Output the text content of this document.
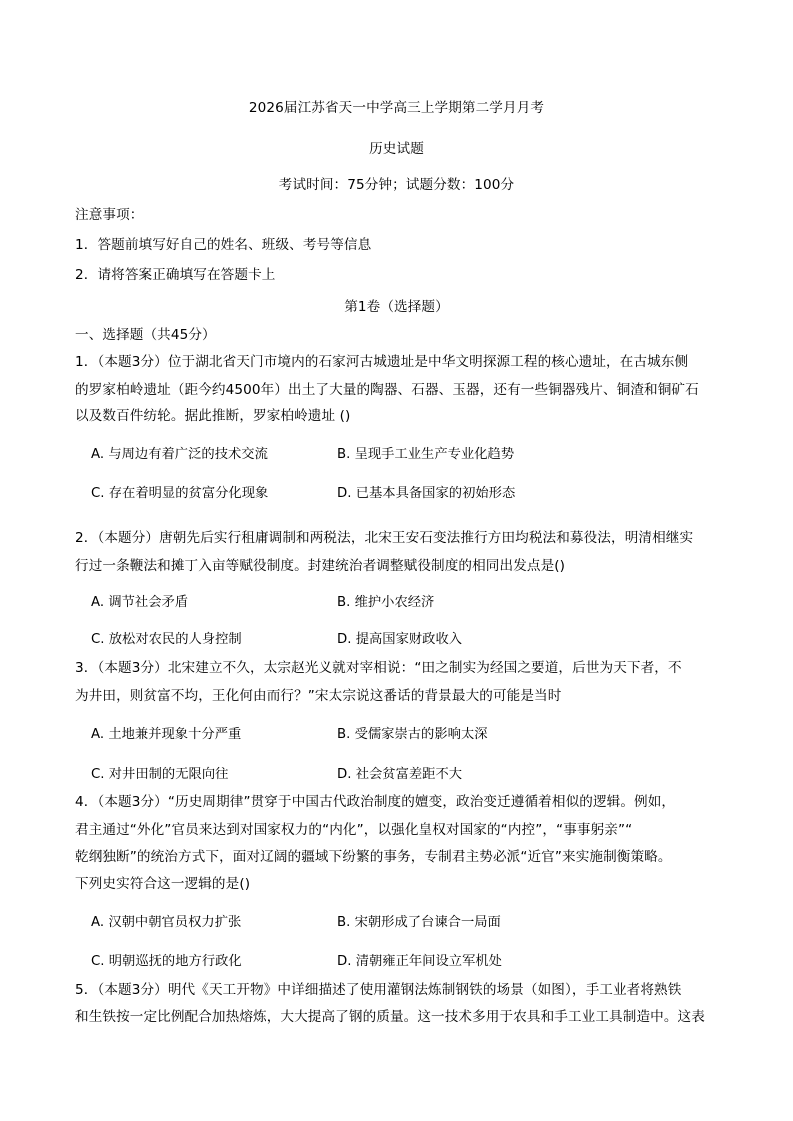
2026届江苏省天一中学高三上学期第二学月月考
历史试题
考试时间：75分钟；试题分数：100分
注意事项：
1．答题前填写好自己的姓名、班级、考号等信息
2．请将答案正确填写在答题卡上
第1卷（选择题）
一、选择题（共45分）
1．（本题3分）位于湖北省天门市境内的石家河古城遗址是中华文明探源工程的核心遗址，在古城东侧
的罗家柏岭遗址（距今约4500年）出土了大量的陶器、石器、玉器，还有一些铜器残片、铜渣和铜矿石
以及数百件纺轮。据此推断，罗家柏岭遗址 ()
A. 与周边有着广泛的技术交流	B. 呈现手工业生产专业化趋势
C. 存在着明显的贫富分化现象	D. 已基本具备国家的初始形态
2．（本题分）唐朝先后实行租庸调制和两税法，北宋王安石变法推行方田均税法和募役法，明清相继实
行过一条鞭法和摊丁入亩等赋役制度。封建统治者调整赋役制度的相同出发点是()
A. 调节社会矛盾	B. 维护小农经济
C. 放松对农民的人身控制	D. 提高国家财政收入
3．（本题3分）北宋建立不久，太宗赵光义就对宰相说：“田之制实为经国之要道，后世为天下者，不
为井田，则贫富不均，王化何由而行？”宋太宗说这番话的背景最大的可能是当时
A. 土地兼并现象十分严重	B. 受儒家崇古的影响太深
C. 对井田制的无限向往	D. 社会贫富差距不大
4．（本题3分）“历史周期律”贯穿于中国古代政治制度的嬗变，政治变迁遵循着相似的逻辑。例如，
君主通过“外化”官员来达到对国家权力的“内化”，以强化皇权对国家的“内控”，“事事躬亲”“
乾纲独断”的统治方式下，面对辽阔的疆域下纷繁的事务，专制君主势必派“近官”来实施制衡策略。
下列史实符合这一逻辑的是()
A. 汉朝中朝官员权力扩张	B. 宋朝形成了台谏合一局面
C. 明朝巡抚的地方行政化	D. 清朝雍正年间设立军机处
5．（本题3分）明代《天工开物》中详细描述了使用灌钢法炼制钢铁的场景（如图），手工业者将熟铁
和生铁按一定比例配合加热熔炼，大大提高了钢的质量。这一技术多用于农具和手工业工具制造中。这表
